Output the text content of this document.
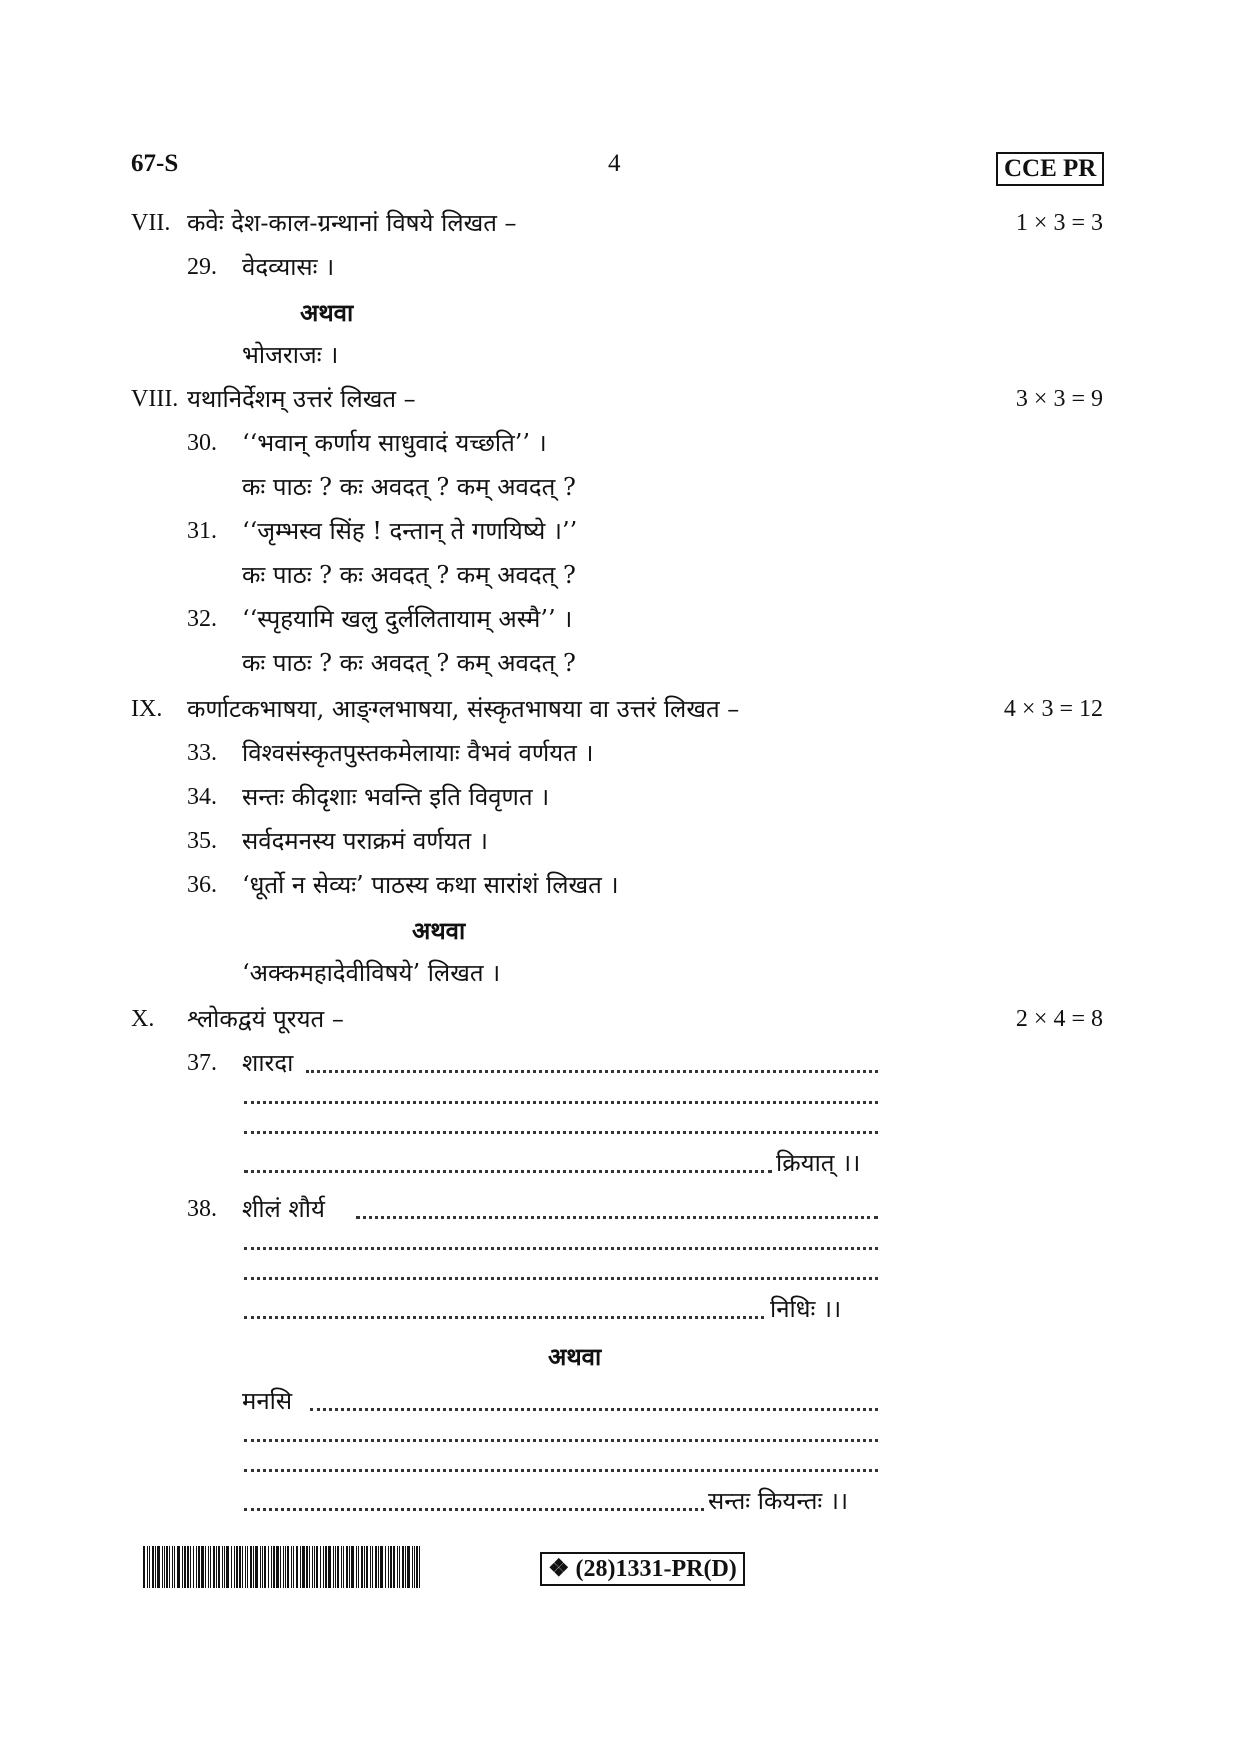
67-S	4	CCE PR
VII. कवेः देश-काल-ग्रन्थानां विषये लिखत –	1 × 3 = 3
29. वेदव्यासः ।
अथवा
भोजराजः ।
VIII. यथानिर्देशम् उत्तरं लिखत –	3 × 3 = 9
30. ‘‘भवान् कर्णाय साधुवादं यच्छति’’ ।
कः पाठः ? कः अवदत् ? कम् अवदत् ?
31. ‘‘जृम्भस्व सिंह ! दन्तान् ते गणयिष्ये ।’’
कः पाठः ? कः अवदत् ? कम् अवदत् ?
32. ‘‘स्पृहयामि खलु दुर्ललितायाम् अस्मै’’ ।
कः पाठः ? कः अवदत् ? कम् अवदत् ?
IX. कर्णाटकभाषया, आङ्ग्लभाषया, संस्कृतभाषया वा उत्तरं लिखत –	4 × 3 = 12
33. विश्वसंस्कृतपुस्तकमेलायाः वैभवं वर्णयत ।
34. सन्तः कीदृशाः भवन्ति इति विवृणत ।
35. सर्वदमनस्य पराक्रमं वर्णयत ।
36. ‘धूर्तो न सेव्यः’ पाठस्य कथा सारांशं लिखत ।
अथवा
‘अक्कमहादेवीविषये’ लिखत ।
X. श्लोकद्वयं पूरयत –	2 × 4 = 8
37. शारदा
क्रियात् ।।
38. शीलं शौर्य
निधिः ।।
अथवा
मनसि
सन्तः कियन्तः ।।
❖ (28)1331-PR(D)
